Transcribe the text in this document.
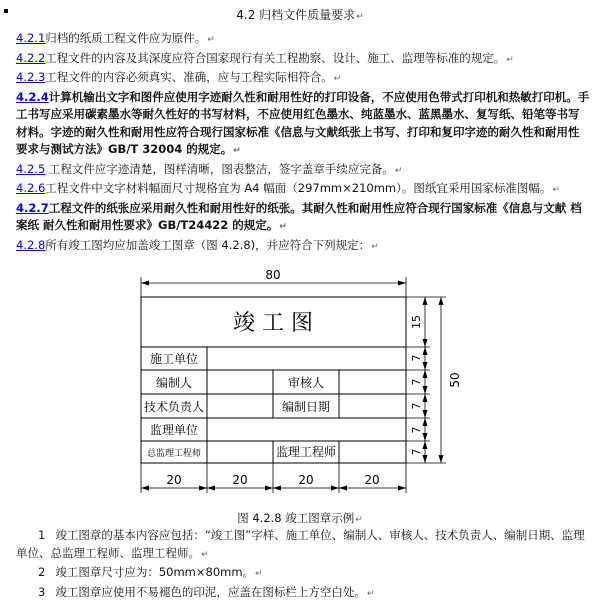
4.2 归档文件质量要求↵
4.2.1归档的纸质工程文件应为原件。↵
4.2.2工程文件的内容及其深度应符合国家现行有关工程勘察、设计、施工、监理等标准的规定。↵
4.2.3工程文件的内容必须真实、准确，应与工程实际相符合。↵
4.2.4计算机输出文字和图件应使用字迹耐久性和耐用性好的打印设备，不应使用色带式打印机和热敏打印机。手工书写应采用碳素墨水等耐久性好的书写材料，不应使用红色墨水、纯蓝墨水、蓝黑墨水、复写纸、铅笔等书写材料。字迹的耐久性和耐用性应符合现行国家标准《信息与文献纸张上书写、打印和复印字迹的耐久性和耐用性要求与测试方法》GB/T 32004 的规定。↵
4.2.5 工程文件应字迹清楚，图样清晰，图表整洁，签字盖章手续应完备。↵
4.2.6工程文件中文字材料幅面尺寸规格宜为 A4 幅面（297mm×210mm）。图纸宜采用国家标准图幅。↵
4.2.7工程文件的纸张应采用耐久性和耐用性好的纸张。其耐久性和耐用性应符合现行国家标准《信息与文献 档案纸 耐久性和耐用性要求》GB/T24422 的规定。↵
4.2.8所有竣工图均应加盖竣工图章（图 4.2.8)，并应符合下列规定：↵
竣 工 图
施工单位
编制人	审核人
技术负责人	编制日期
监理单位
总监理工程师	监理工程师
80
20	20	20	20
15
7
7
7
7
7
50
图 4.2.8 竣工图章示例↵

1 竣工图章的基本内容应包括：“竣工图”字样、施工单位、编制人、审核人、技术负责人、编制日期、监理单位、总监理工程师、监理工程师。↵

2 竣工图章尺寸应为：50mm×80mm。↵

3 竣工图章应使用不易褪色的印泥，应盖在图标栏上方空白处。↵
